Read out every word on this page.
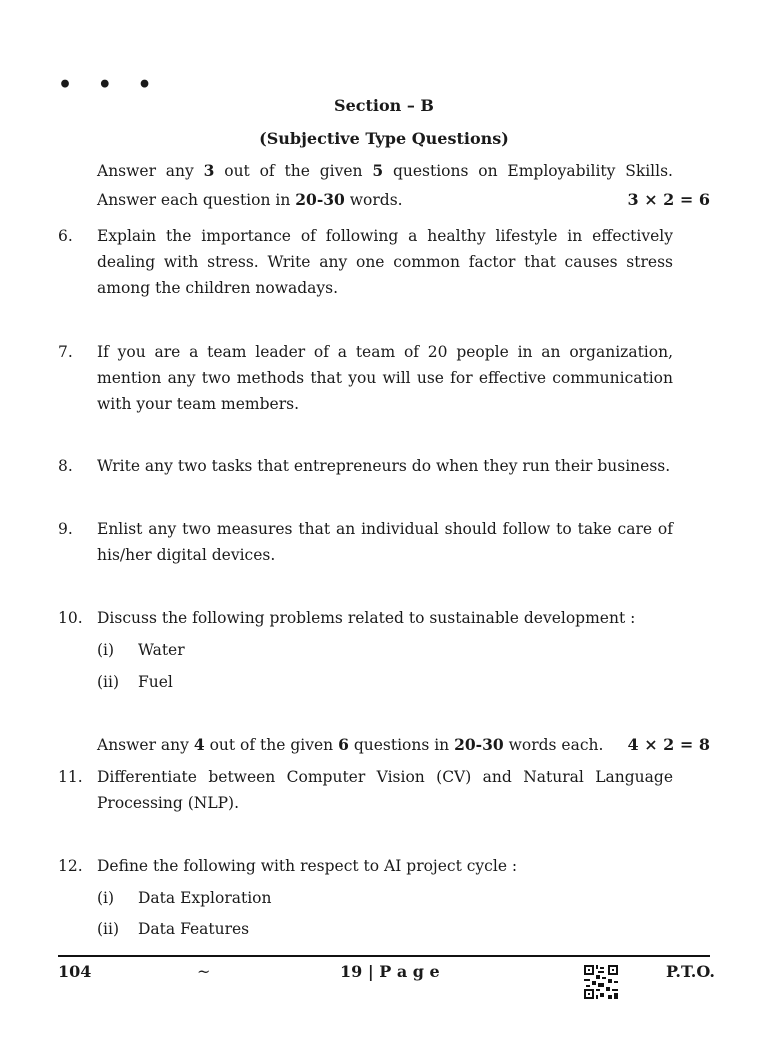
• • •
Section – B
(Subjective Type Questions)
Answer any 3 out of the given 5 questions on Employability Skills.
Answer each question in 20-30 words.	3 × 2 = 6
6.	Explain the importance of following a healthy lifestyle in effectively
dealing with stress. Write any one common factor that causes stress
among the children nowadays.
7.	If you are a team leader of a team of 20 people in an organization,
mention any two methods that you will use for effective communication
with your team members.
8.	Write any two tasks that entrepreneurs do when they run their business.
9.	Enlist any two measures that an individual should follow to take care of
his/her digital devices.
10. Discuss the following problems related to sustainable development :
(i) Water
(ii) Fuel
Answer any 4 out of the given 6 questions in 20-30 words each. 4 × 2 = 8
11. Differentiate between Computer Vision (CV) and Natural Language
Processing (NLP).
12. Define the following with respect to AI project cycle :
(i) Data Exploration
(ii) Data Features
104	~	19 | P a g e	P.T.O.
